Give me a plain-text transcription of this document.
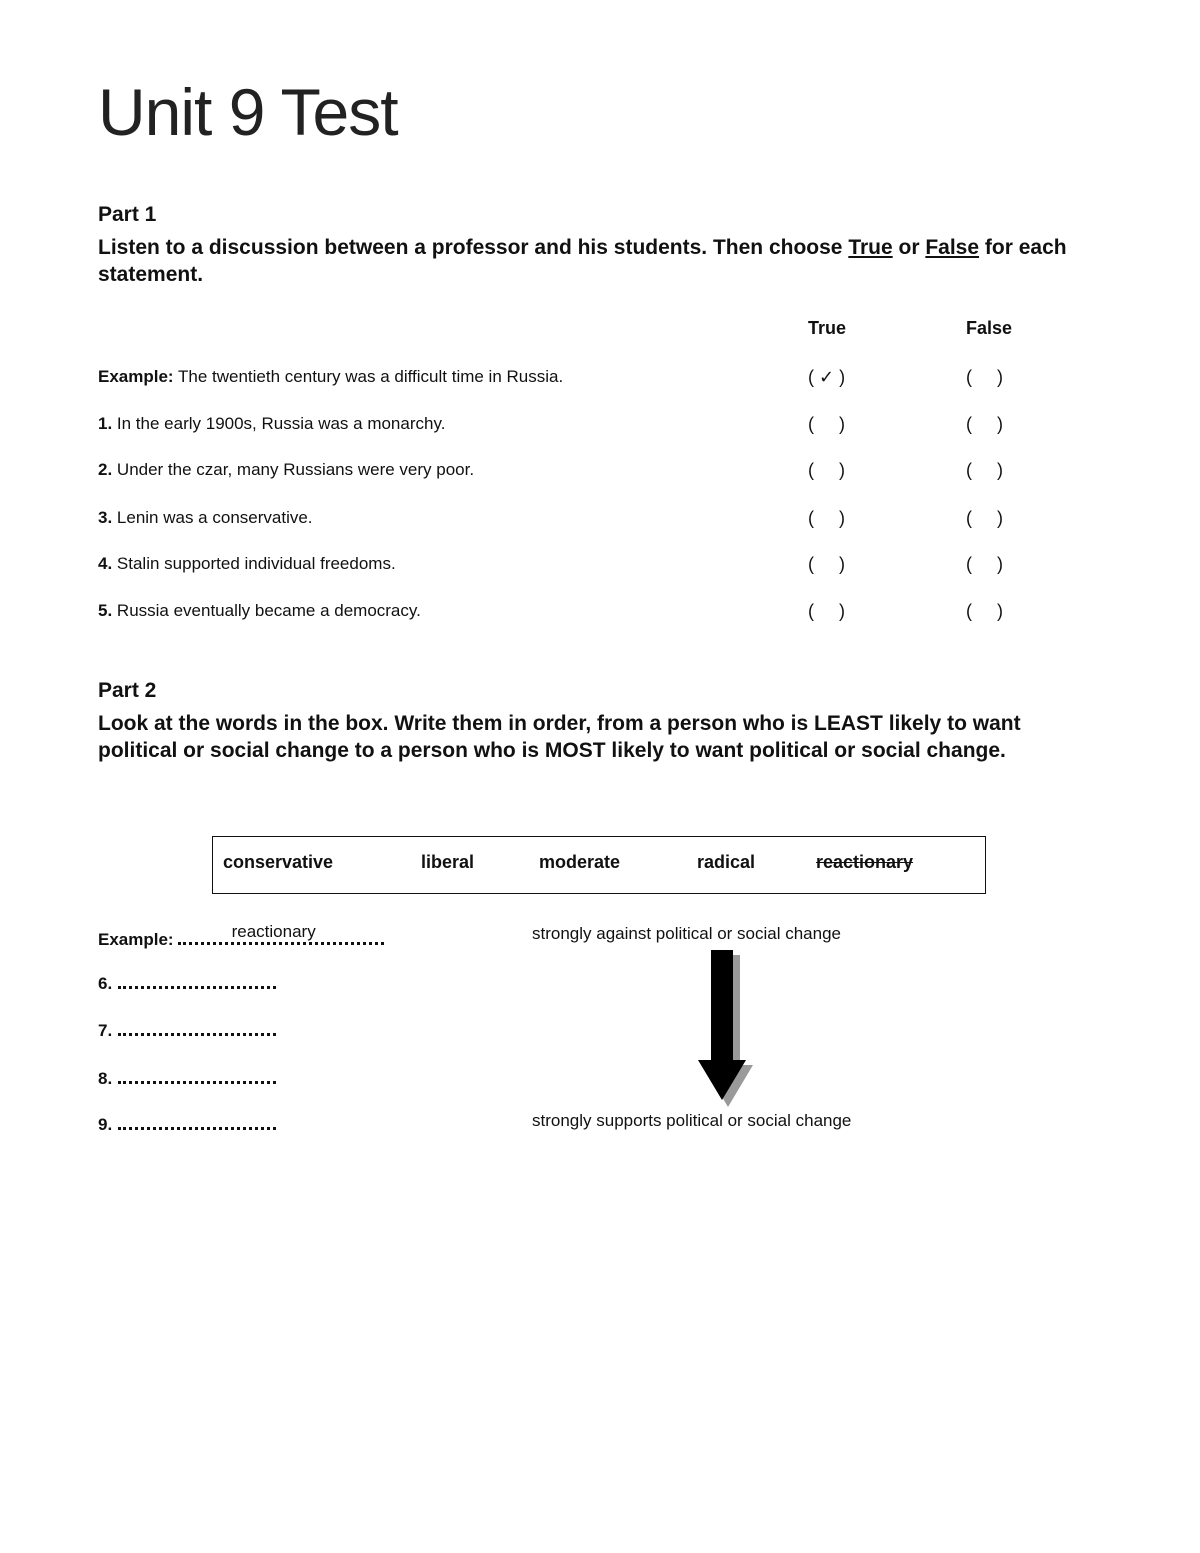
Unit 9 Test
Part 1

Listen to a discussion between a professor and his students. Then choose True or False for each statement.

True	False
Example: The twentieth century was a difficult time in Russia.	( ✓ )	(     )
1. In the early 1900s, Russia was a monarchy.	(     )	(     )
2. Under the czar, many Russians were very poor.	(     )	(     )
3. Lenin was a conservative.	(     )	(     )
4. Stalin supported individual freedoms.	(     )	(     )
5. Russia eventually became a democracy.	(     )	(     )
Part 2

Look at the words in the box. Write them in order, from a person who is LEAST likely to want political or social change to a person who is MOST likely to want political or social change.

conservative	liberal	moderate	radical	reactionary
Example:	reactionary
6.
7.
8.
9.
strongly against political or social change
strongly supports political or social change
